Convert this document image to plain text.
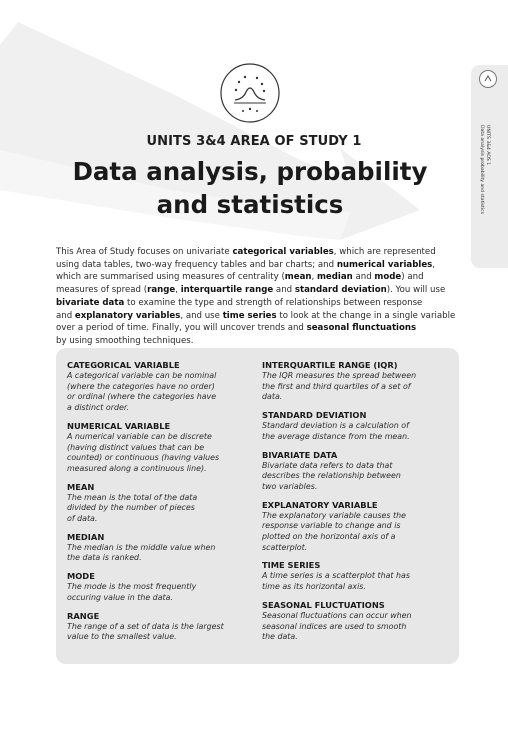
UNITS 3&4 AOS 1
Data analysis probability and statistics
UNITS 3&4 AREA OF STUDY 1
Data analysis, probability
and statistics
This Area of Study focuses on univariate categorical variables, which are represented
using data tables, two-way frequency tables and bar charts; and numerical variables,
which are summarised using measures of centrality (mean, median and mode) and
measures of spread (range, interquartile range and standard deviation). You will use
bivariate data to examine the type and strength of relationships between response
and explanatory variables, and use time series to look at the change in a single variable
over a period of time. Finally, you will uncover trends and seasonal flunctuations
by using smoothing techniques.
CATEGORICAL VARIABLE
A categorical variable can be nominal
(where the categories have no order)
or ordinal (where the categories have
a distinct order.
NUMERICAL VARIABLE
A numerical variable can be discrete
(having distinct values that can be
counted) or continuous (having values
measured along a continuous line).
MEAN
The mean is the total of the data
divided by the number of pieces
of data.
MEDIAN
The median is the middle value when
the data is ranked.
MODE
The mode is the most frequently
occuring value in the data.
RANGE
The range of a set of data is the largest
value to the smallest value.
INTERQUARTILE RANGE (IQR)
The IQR measures the spread between
the first and third quartiles of a set of
data.
STANDARD DEVIATION
Standard deviation is a calculation of
the average distance from the mean.
BIVARIATE DATA
Bivariate data refers to data that
describes the relationship between
two variables.
EXPLANATORY VARIABLE
The explanatory variable causes the
response variable to change and is
plotted on the horizontal axis of a
scatterplot.
TIME SERIES
A time series is a scatterplot that has
time as its horizontal axis.
SEASONAL FLUCTUATIONS
Seasonal fluctuations can occur when
seasonal indices are used to smooth
the data.
